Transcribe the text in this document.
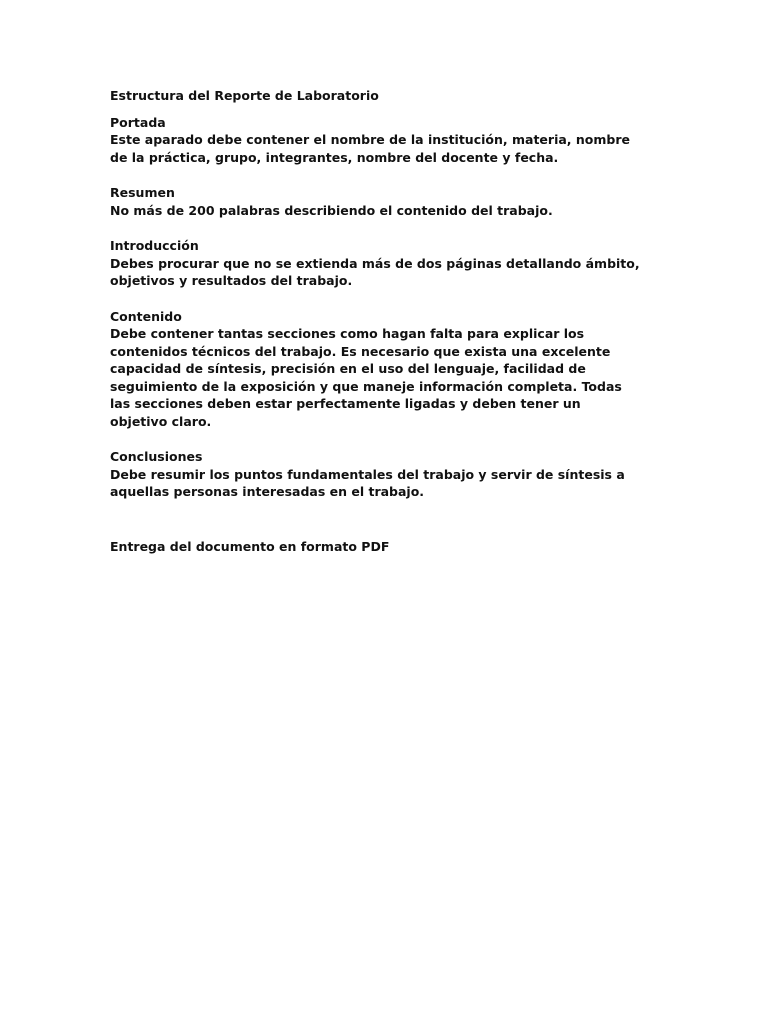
Estructura del Reporte de Laboratorio
Portada
Este aparado debe contener el nombre de la institución, materia, nombre de la práctica, grupo, integrantes, nombre del docente y fecha.
Resumen
No más de 200 palabras describiendo el contenido del trabajo.
Introducción
Debes procurar que no se extienda más de dos páginas detallando ámbito, objetivos y resultados del trabajo.
Contenido
Debe contener tantas secciones como hagan falta para explicar los contenidos técnicos del trabajo. Es necesario que exista una excelente capacidad de síntesis, precisión en el uso del lenguaje, facilidad de seguimiento de la exposición y que maneje información completa. Todas las secciones deben estar perfectamente ligadas y deben tener un objetivo claro.
Conclusiones
Debe resumir los puntos fundamentales del trabajo y servir de síntesis a aquellas personas interesadas en el trabajo.
Entrega del documento en formato PDF
